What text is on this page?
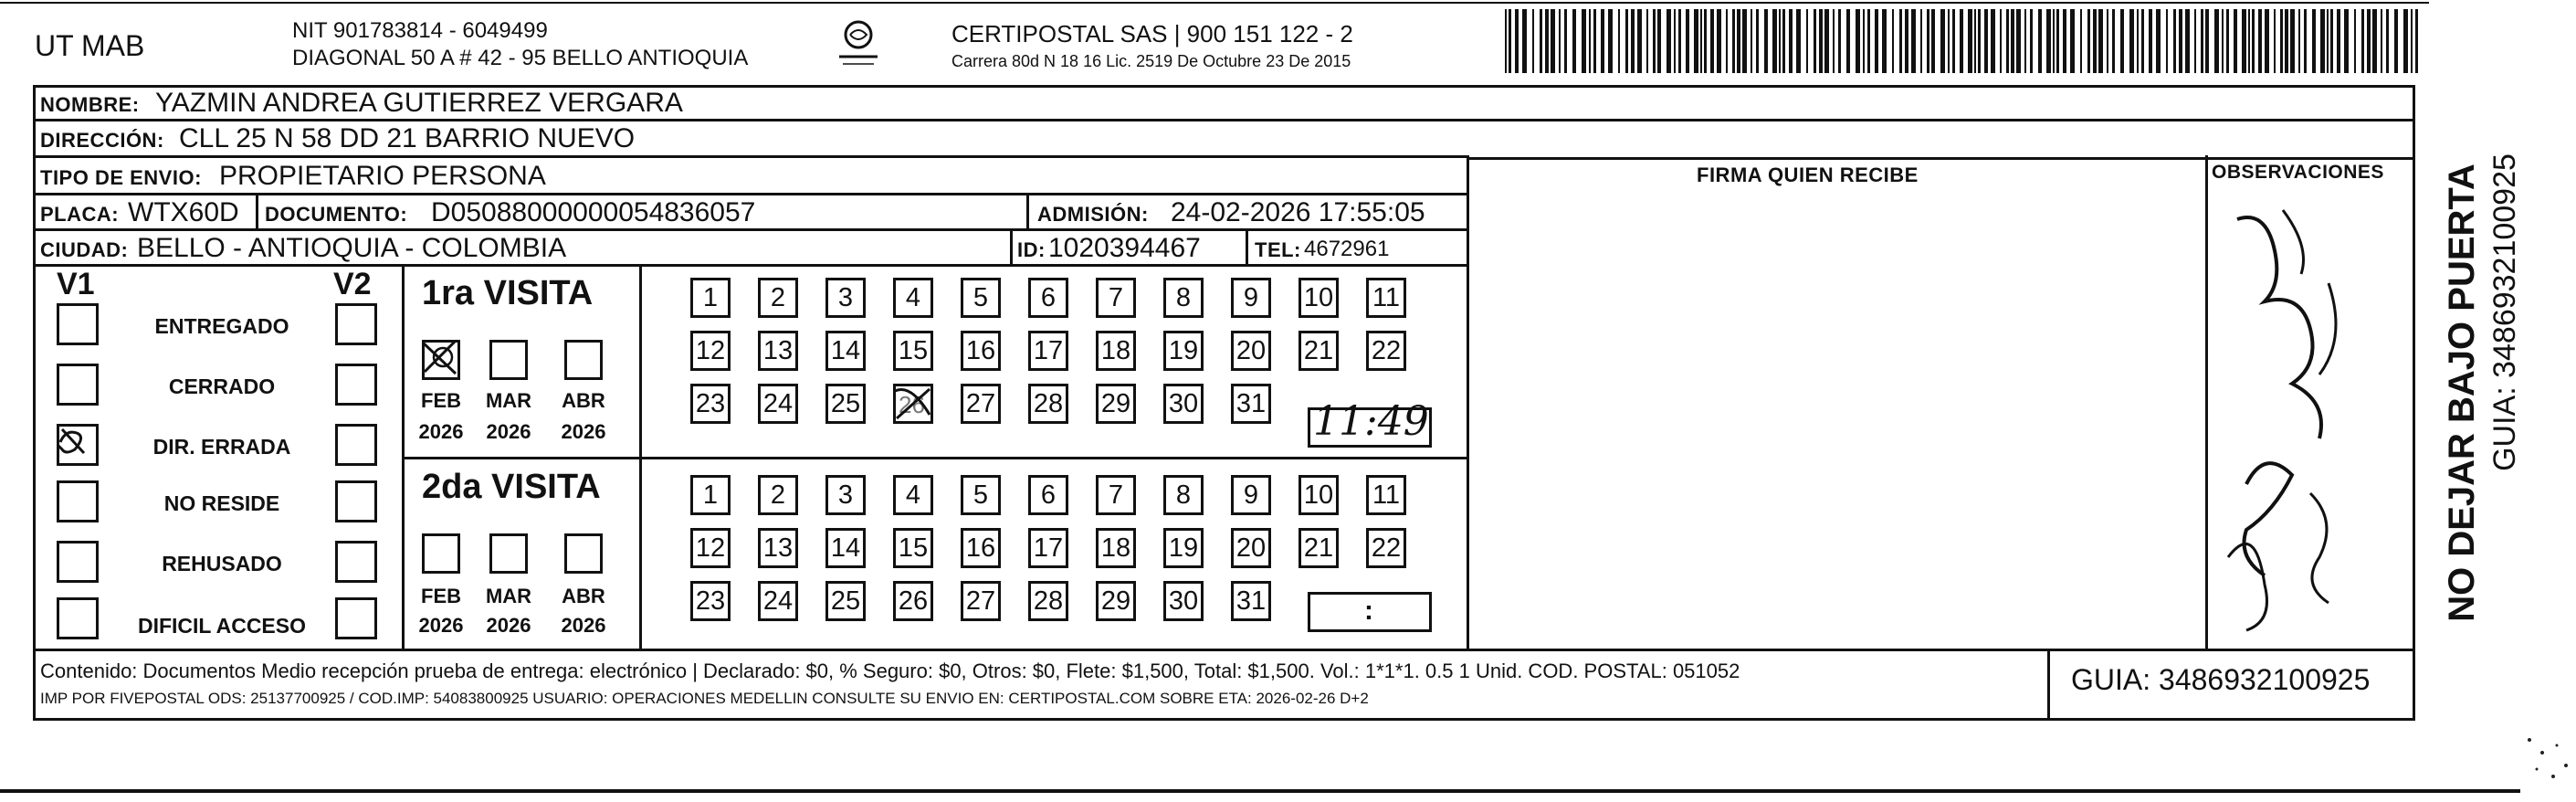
UT MAB	NIT 901783814 - 6049499
DIAGONAL 50 A # 42 - 95 BELLO ANTIOQUIA
CERTIPOSTAL SAS | 900 151 122 - 2
Carrera 80d N 18 16 Lic. 2519 De Octubre 23 De 2015
NOMBRE: YAZMIN ANDREA GUTIERREZ VERGARA
DIRECCIÓN: CLL 25 N 58 DD 21 BARRIO NUEVO
TIPO DE ENVIO: PROPIETARIO PERSONA
PLACA: WTX60D DOCUMENTO: D05088000000054836057	ADMISIÓN: 24-02-2026 17:55:05
CIUDAD: BELLO - ANTIOQUIA - COLOMBIA	ID: 1020394467	TEL: 4672961
FIRMA QUIEN RECIBE	OBSERVACIONES
V1	V2
ENTREGADO
CERRADO
DIR. ERRADA
NO RESIDE
REHUSADO
DIFICIL ACCESO
1ra VISITA
FEB	MAR ABR
2026 2026 2026
1	2	3	4	5	6	7	8	9	10 11
12 13 14 15 16 17 18 19 20 21 22
23 24 25 26 27 28 29 30 31 11:49
2da VISITA
FEB	MAR ABR
2026 2026 2026
1	2	3	4	5	6	7	8	9	10 11
12 13 14 15 16 17 18 19 20 21 22
23 24 25 26 27 28 29 30 31	:
Contenido: Documentos Medio recepción prueba de entrega: electrónico | Declarado: $0, % Seguro: $0, Otros: $0, Flete: $1,500, Total: $1,500. Vol.: 1*1*1. 0.5 1 Unid. COD. POSTAL: 051052
IMP POR FIVEPOSTAL ODS: 25137700925 / COD.IMP: 54083800925 USUARIO: OPERACIONES MEDELLIN CONSULTE SU ENVIO EN: CERTIPOSTAL.COM SOBRE ETA: 2026-02-26 D+2
GUIA: 3486932100925
NO DEJAR BAJO PUERTA GUIA: 3486932100925
